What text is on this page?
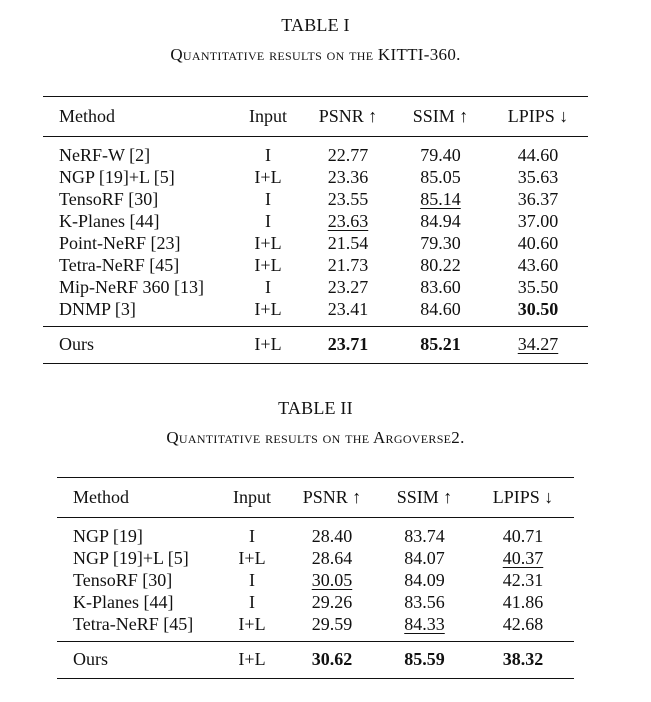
TABLE I
Quantitative results on the KITTI-360.
Method	Input	PSNR ↑	SSIM ↑	LPIPS ↓
NeRF-W [2]	I	22.77	79.40	44.60
NGP [19]+L [5]	I+L	23.36	85.05	35.63
TensoRF [30]	I	23.55	85.14	36.37
K-Planes [44]	I	23.63	84.94	37.00
Point-NeRF [23]	I+L	21.54	79.30	40.60
Tetra-NeRF [45]	I+L	21.73	80.22	43.60
Mip-NeRF 360 [13]	I	23.27	83.60	35.50
DNMP [3]	I+L	23.41	84.60	30.50
Ours	I+L	23.71	85.21	34.27
TABLE II
Quantitative results on the Argoverse2.
Method	Input	PSNR ↑	SSIM ↑	LPIPS ↓
NGP [19]	I	28.40	83.74	40.71
NGP [19]+L [5]	I+L	28.64	84.07	40.37
TensoRF [30]	I	30.05	84.09	42.31
K-Planes [44]	I	29.26	83.56	41.86
Tetra-NeRF [45]	I+L	29.59	84.33	42.68
Ours	I+L	30.62	85.59	38.32
